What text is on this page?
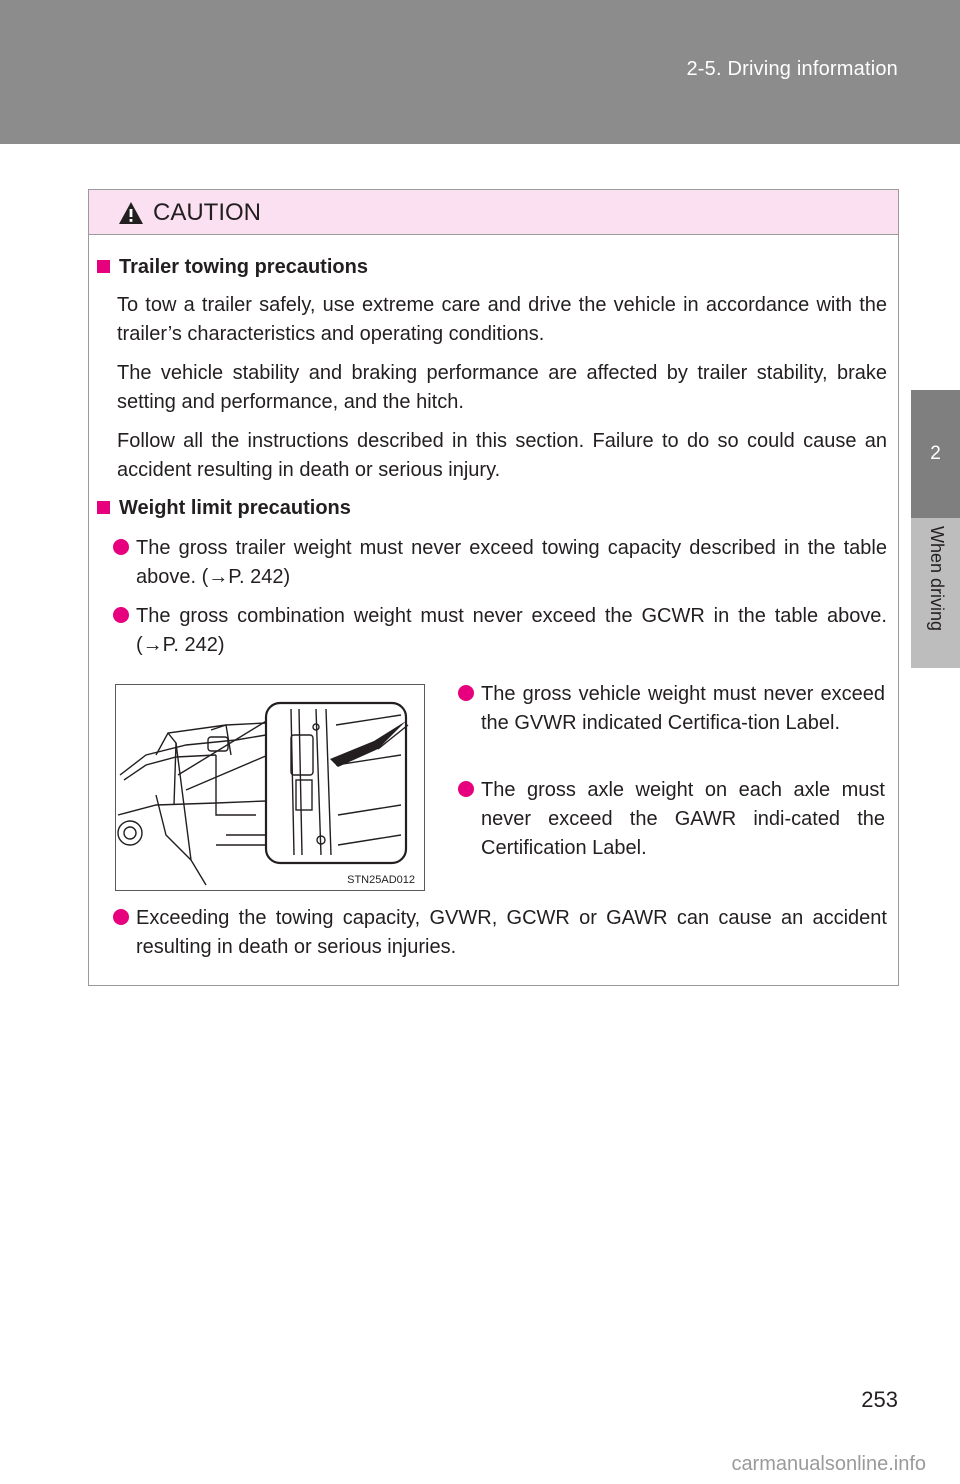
2-5. Driving information
2
When driving
CAUTION
Trailer towing precautions
To tow a trailer safely, use extreme care and drive the vehicle in accordance with the trailer’s characteristics and operating conditions.
The vehicle stability and braking performance are affected by trailer stability, brake setting and performance, and the hitch.
Follow all the instructions described in this section. Failure to do so could cause an accident resulting in death or serious injury.
Weight limit precautions
The gross trailer weight must never exceed towing capacity described in the table above. (→P. 242)
The gross combination weight must never exceed the GCWR in the table above. (→P. 242)
STN25AD012
The gross vehicle weight must never exceed the GVWR indicated Certifica-tion Label.
The gross axle weight on each axle must never exceed the GAWR indi-cated the Certification Label.
Exceeding the towing capacity, GVWR, GCWR or GAWR can cause an accident resulting in death or serious injuries.
253
carmanualsonline.info
